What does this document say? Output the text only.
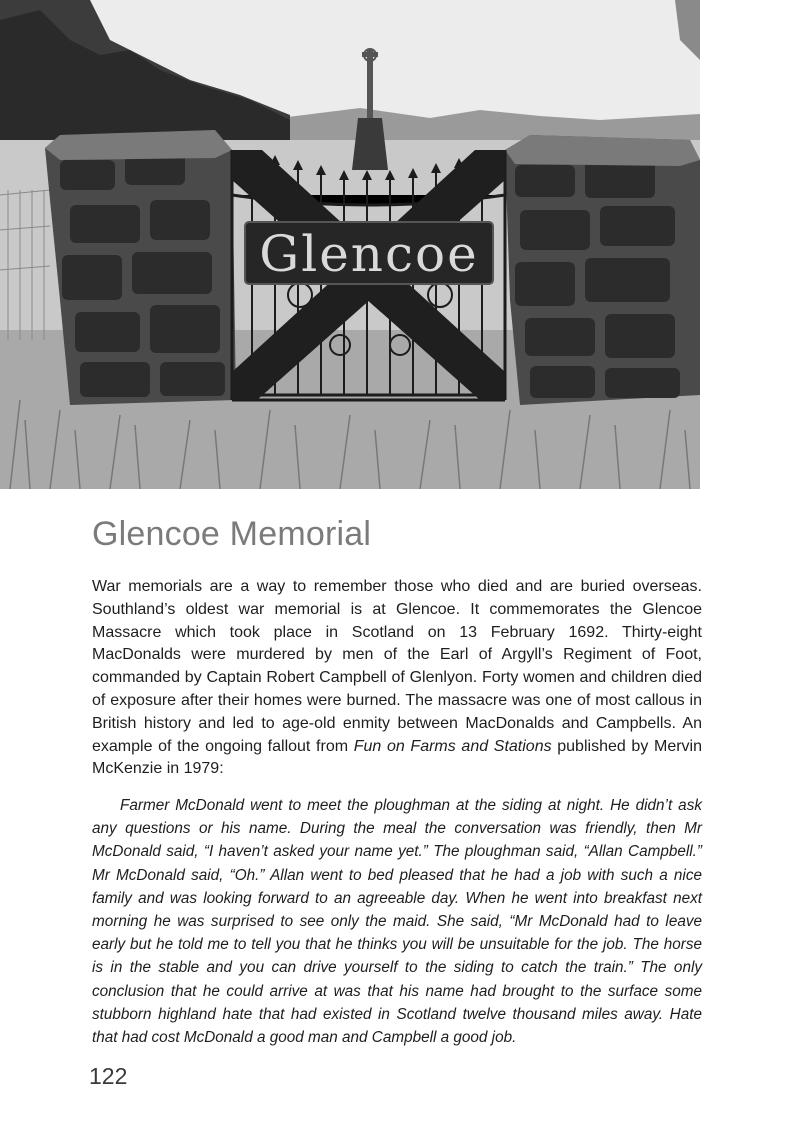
Glencoe
Glencoe Memorial

War memorials are a way to remember those who died and are buried overseas. Southland’s oldest war memorial is at Glencoe. It commemorates the Glencoe Massacre which took place in Scotland on 13 February 1692. Thirty-eight MacDonalds were murdered by men of the Earl of Argyll’s Regiment of Foot, commanded by Captain Robert Campbell of Glenlyon. Forty women and children died of exposure after their homes were burned. The massacre was one of most callous in British history and led to age-old enmity between MacDonalds and Campbells. An example of the ongoing fallout from Fun on Farms and Stations published by Mervin McKenzie in 1979:

Farmer McDonald went to meet the ploughman at the siding at night. He didn’t ask any questions or his name. During the meal the conversation was friendly, then Mr McDonald said, “I haven’t asked your name yet.” The ploughman said, “Allan Campbell.” Mr McDonald said, “Oh.” Allan went to bed pleased that he had a job with such a nice family and was looking forward to an agreeable day. When he went into breakfast next morning he was surprised to see only the maid. She said, “Mr McDonald had to leave early but he told me to tell you that he thinks you will be unsuitable for the job. The horse is in the stable and you can drive yourself to the siding to catch the train.” The only conclusion that he could arrive at was that his name had brought to the surface some stubborn highland hate that had existed in Scotland twelve thousand miles away. Hate that had cost McDonald a good man and Campbell a good job.

122
